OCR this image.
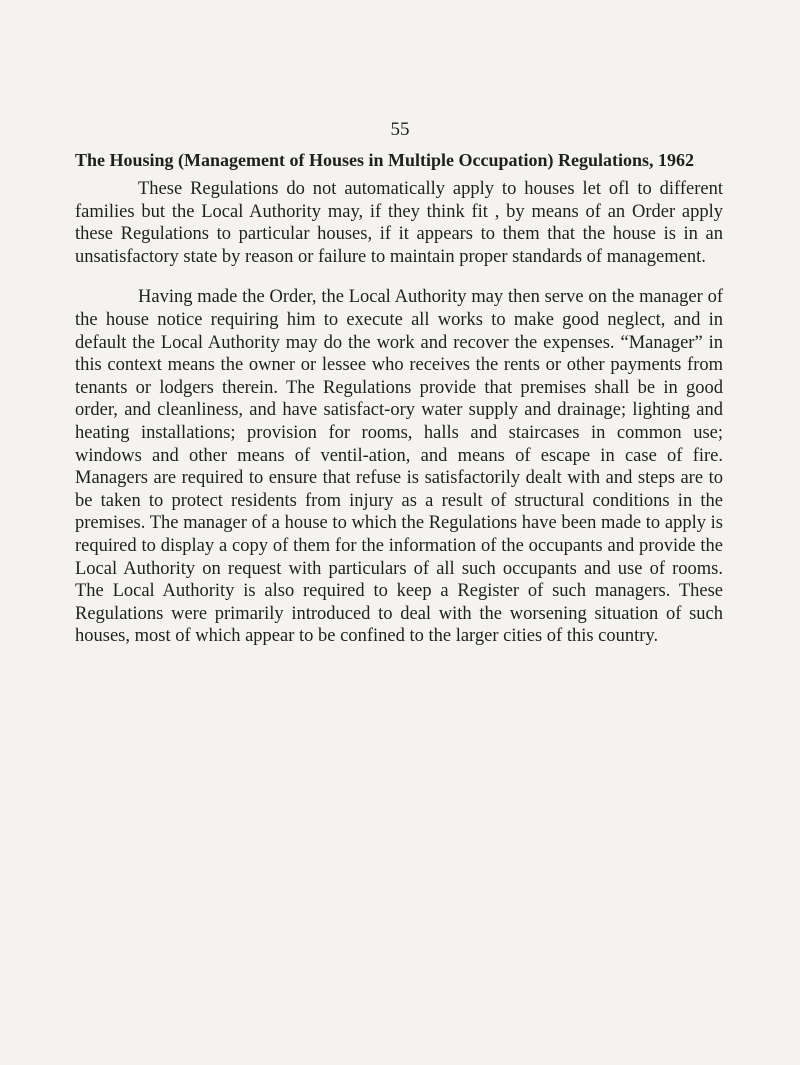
55
The Housing (Management of Houses in Multiple Occupation) Regulations, 1962

These Regulations do not automatically apply to houses let ofl to different families but the Local Authority may, if they think fit , by means of an Order apply these Regulations to particular houses, if it appears to them that the house is in an unsatisfactory state by reason or failure to maintain proper standards of management.

Having made the Order, the Local Authority may then serve on the manager of the house notice requiring him to execute all works to make good neglect, and in default the Local Authority may do the work and recover the expenses. “Manager” in this context means the owner or lessee who receives the rents or other payments from tenants or lodgers therein. The Regulations provide that premises shall be in good order, and cleanliness, and have satisfact-ory water supply and drainage; lighting and heating installations; provision for rooms, halls and staircases in common use; windows and other means of ventil-ation, and means of escape in case of fire. Managers are required to ensure that refuse is satisfactorily dealt with and steps are to be taken to protect residents from injury as a result of structural conditions in the premises. The manager of a house to which the Regulations have been made to apply is required to display a copy of them for the information of the occupants and provide the Local Authority on request with particulars of all such occupants and use of rooms. The Local Authority is also required to keep a Register of such managers. These Regulations were primarily introduced to deal with the worsening situation of such houses, most of which appear to be confined to the larger cities of this country.
